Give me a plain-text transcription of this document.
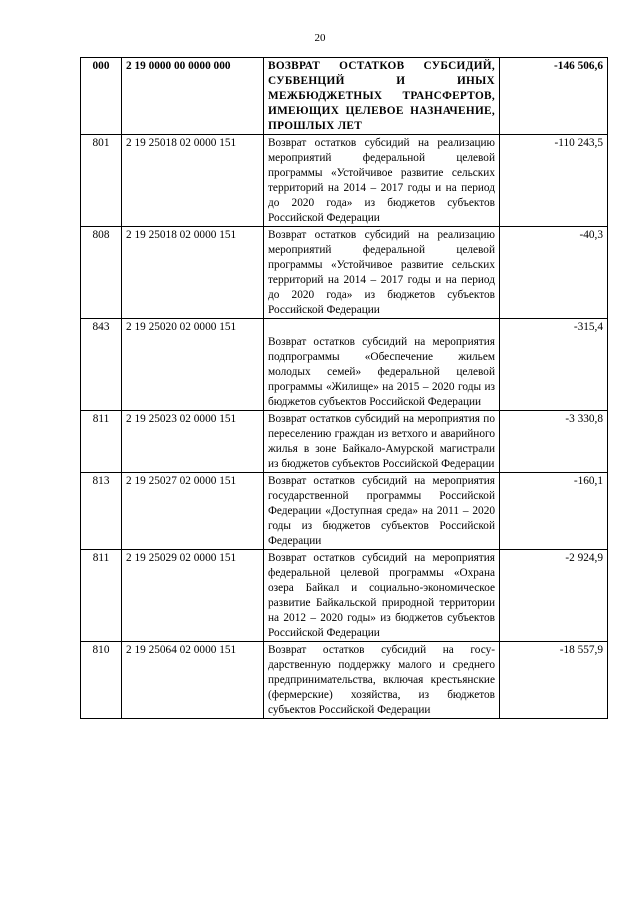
20
000	2 19 0000 00 0000 000	ВОЗВРАТ ОСТАТКОВ СУБСИДИЙ, СУБВЕНЦИЙ И ИНЫХ МЕЖБЮДЖЕТНЫХ ТРАНСФЕРТОВ, ИМЕЮЩИХ ЦЕЛЕВОЕ НАЗНАЧЕНИЕ, ПРОШЛЫХ ЛЕТ	-146 506,6
801	2 19 25018 02 0000 151	Возврат остатков субсидий на реализацию мероприятий федеральной целевой программы «Устойчивое развитие сельских территорий на 2014 – 2017 годы и на период до 2020 года» из бюджетов субъектов Российской Федерации	-110 243,5
808	2 19 25018 02 0000 151	Возврат остатков субсидий на реализацию мероприятий федеральной целевой программы «Устойчивое развитие сельских территорий на 2014 – 2017 годы и на период до 2020 года» из бюджетов субъектов Российской Федерации	-40,3
843	2 19 25020 02 0000 151	Возврат остатков субсидий на мероприятия подпрограммы «Обеспечение жильем молодых семей» федеральной целевой программы «Жилище» на 2015 – 2020 годы из бюджетов субъектов Российской Федерации	-315,4
811	2 19 25023 02 0000 151	Возврат остатков субсидий на мероприятия по переселению граждан из ветхого и аварийного жилья в зоне Байкало-Амурской магистрали из бюджетов субъектов Российской Федерации	-3 330,8
813	2 19 25027 02 0000 151	Возврат остатков субсидий на мероприятия государственной программы Российской Федерации «Доступная среда» на 2011 – 2020 годы из бюджетов субъектов Российской Федерации	-160,1
811	2 19 25029 02 0000 151	Возврат остатков субсидий на мероприятия федеральной целевой программы «Охрана озера Байкал и социально-экономическое развитие Байкальской природной территории на 2012 – 2020 годы» из бюджетов субъектов Российской Федерации	-2 924,9
810	2 19 25064 02 0000 151	Возврат остатков субсидий на государственную поддержку малого и среднего предпринимательства, включая крестьянские (фермерские) хозяйства, из бюджетов субъектов Российской Федерации	-18 557,9
